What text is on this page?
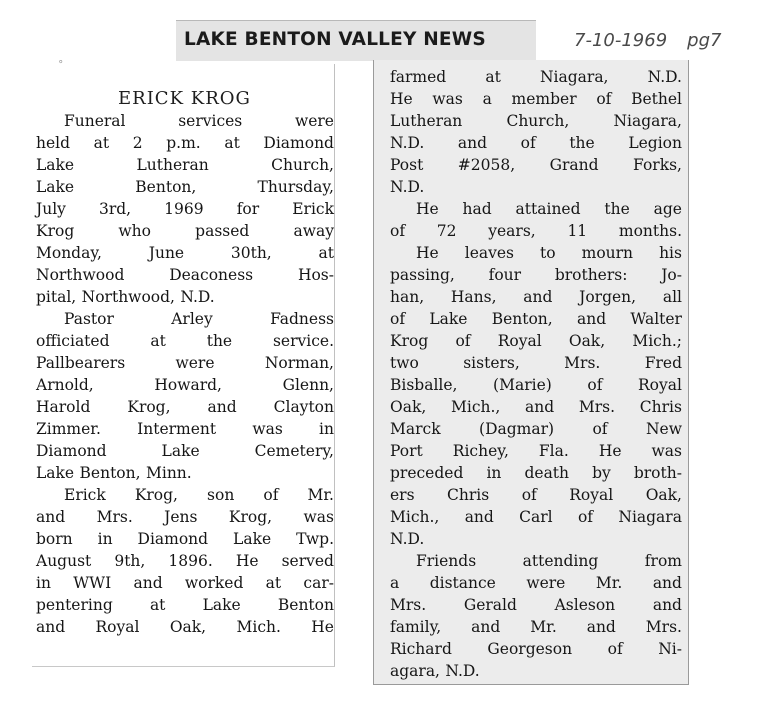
LAKE BENTON VALLEY NEWS	7-10-1969 pg7
˚
ERICK KROG
Funeral	services	were
held at 2 p.m. at Diamond
Lake	Lutheran	Church,
Lake	Benton,	Thursday,
July 3rd, 1969 for Erick
Krog	who	passed	away
Monday,	June	30th,	at
Northwood	Deaconess	Hos-
pital, Northwood, N.D.
Pastor	Arley	Fadness
officiated	at	the	service.
Pallbearers	were	Norman,
Arnold,	Howard,	Glenn,
Harold Krog, and Clayton
Zimmer. Interment was in
Diamond	Lake	Cemetery,
Lake Benton, Minn.
Erick Krog, son of Mr.
and Mrs. Jens Krog, was
born in Diamond Lake Twp.
August 9th, 1896. He served
in WWI and worked at car-
pentering at Lake Benton
and Royal Oak, Mich. He
farmed	at	Niagara,	N.D.
He was a member of Bethel
Lutheran	Church,	Niagara,
N.D. and of the Legion
Post #2058, Grand Forks,
N.D.
He had attained the age
of 72 years, 11 months.
He leaves to mourn his
passing, four brothers: Jo-
han, Hans, and Jorgen, all
of Lake Benton, and Walter
Krog of Royal Oak, Mich.;
two	sisters,	Mrs.	Fred
Bisballe, (Marie) of Royal
Oak, Mich., and Mrs. Chris
Marck (Dagmar) of New
Port Richey, Fla. He was
preceded in death by broth-
ers Chris of Royal Oak,
Mich., and Carl of Niagara
N.D.
Friends	attending	from
a distance were Mr. and
Mrs. Gerald Asleson and
family, and Mr. and Mrs.
Richard Georgeson of Ni-
agara, N.D.
